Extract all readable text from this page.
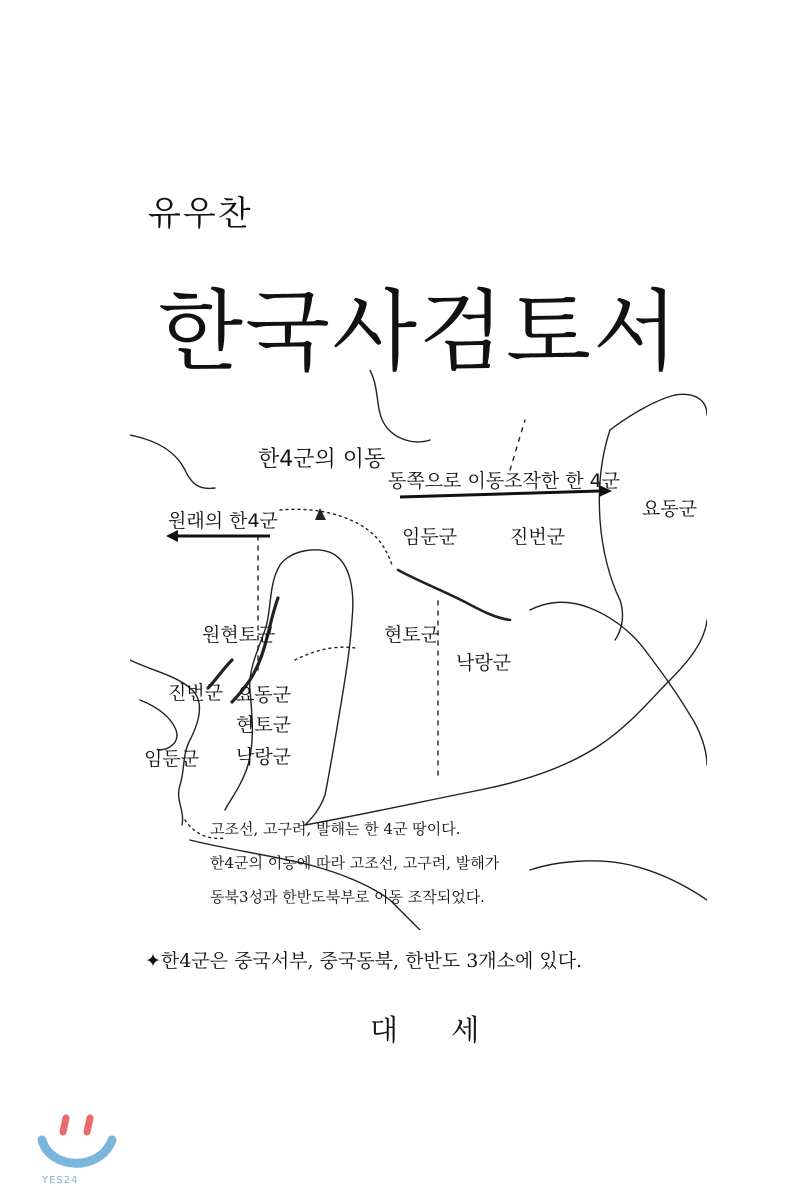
유우찬
한국사검토서
한4군의 이동
동쪽으로 이동조작한 한 4군
원래의 한4군
요동군
임둔군	진번군
현토군
낙랑군
원현토군
진번군 요동군
현토군
임둔군 낙랑군
고조선, 고구려, 발해는 한 4군 땅이다.
한4군의 이동에 따라 고조선, 고구려, 발해가
동북3성과 한반도북부로 이동 조작되었다.
✦한4군은 중국서부, 중국동북, 한반도 3개소에 있다.
대 세
YES24
